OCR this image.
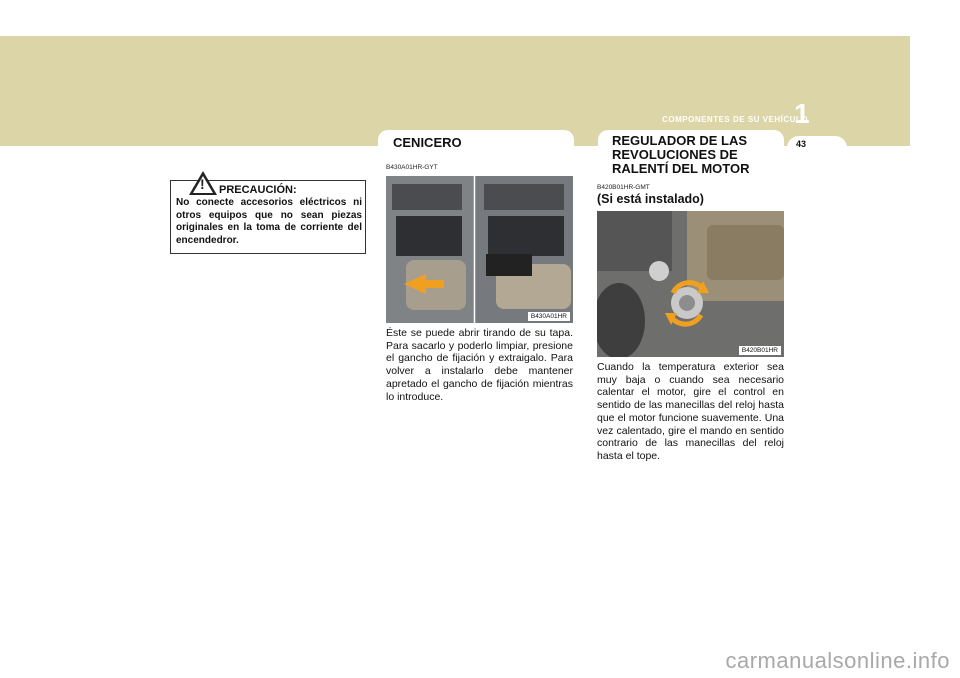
COMPONENTES DE SU VEHÍCULO
1
43
! PRECAUCIÓN:
No conecte accesorios eléctricos ni otros equipos que no sean piezas originales en la toma de corriente del encendedror.
CENICERO
B430A01HR-GYT
B430A01HR
Éste se puede abrir tirando de su tapa. Para sacarlo y poderlo limpiar, presione el gancho de fijación y extraigalo. Para volver a instalarlo debe mantener apretado el gancho de fijación mientras lo introduce.
REGULADOR DE LAS
REVOLUCIONES DE
RALENTÍ DEL MOTOR
B420B01HR-GMT
(Si está instalado)
B420B01HR
Cuando la temperatura exterior sea muy baja o cuando sea necesario calentar el motor, gire el control en sentido de las manecillas del reloj hasta que el motor funcione suavemente. Una vez calentado, gire el mando en sentido contrario de las manecillas del reloj hasta el tope.
carmanualsonline.info
